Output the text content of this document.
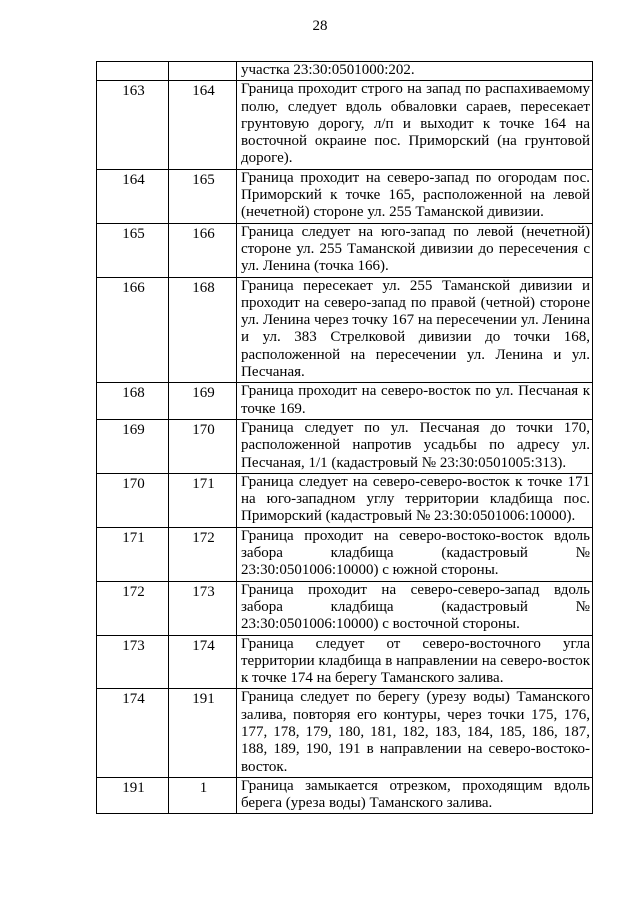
28
		участка 23:30:0501000:202.
163	164	Граница проходит строго на запад по распахиваемому полю, следует вдоль обваловки сараев, пересекает грунтовую дорогу, л/п и выходит к точке 164 на восточной окраине пос. Приморский (на грунтовой дороге).
164	165	Граница проходит на северо-запад по огородам пос. Приморский к точке 165, расположенной на левой (нечетной) стороне ул. 255 Таманской дивизии.
165	166	Граница следует на юго-запад по левой (нечетной) стороне ул. 255 Таманской дивизии до пересечения с ул. Ленина (точка 166).
166	168	Граница пересекает ул. 255 Таманской дивизии и проходит на северо-запад по правой (четной) стороне ул. Ленина через точку 167 на пересечении ул. Ленина и ул. 383 Стрелковой дивизии до точки 168, расположенной на пересечении ул. Ленина и ул. Песчаная.
168	169	Граница проходит на северо-восток по ул. Песчаная к точке 169.
169	170	Граница следует по ул. Песчаная до точки 170, расположенной напротив усадьбы по адресу ул. Песчаная, 1/1 (кадастровый № 23:30:0501005:313).
170	171	Граница следует на северо-северо-восток к точке 171 на юго-западном углу территории кладбища пос. Приморский (кадастровый № 23:30:0501006:10000).
171	172	Граница проходит на северо-востоко-восток вдоль забора кладбища (кадастровый № 23:30:0501006:10000) с южной стороны.
172	173	Граница проходит на северо-северо-запад вдоль забора кладбища (кадастровый № 23:30:0501006:10000) с восточной стороны.
173	174	Граница следует от северо-восточного угла территории кладбища в направлении на северо-восток к точке 174 на берегу Таманского залива.
174	191	Граница следует по берегу (урезу воды) Таманского залива, повторяя его контуры, через точки 175, 176, 177, 178, 179, 180, 181, 182, 183, 184, 185, 186, 187, 188, 189, 190, 191 в направлении на северо-востоко-восток.
191	1	Граница замыкается отрезком, проходящим вдоль берега (уреза воды) Таманского залива.
